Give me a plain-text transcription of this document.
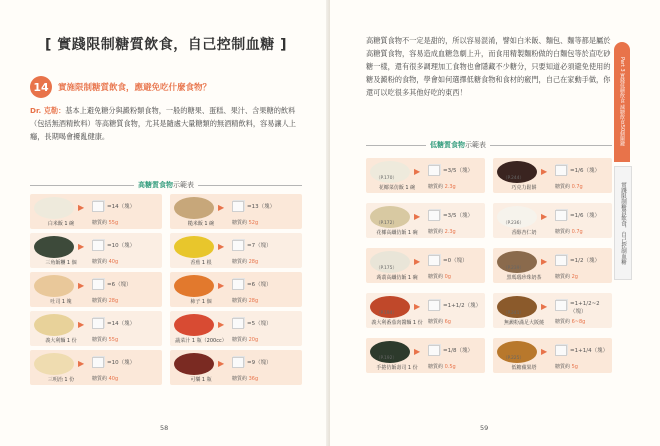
[ 實踐限制糖質飲食，自己控制血糖 ]
14	實施限制糖質飲食，應避免吃什麼食物？
Dr. 克勒：基本上避免糖分與澱粉類食物，一般的糖果、蛋糕、果汁、含果糖的飲料（包括無酒精飲料）等高糖質食物，尤其是隨處大量糖類的無酒精飲料，容易讓人上癮，長期喝會擾亂健康。
高糖質食物示範表
▶	=14（塊）
白米飯 1 碗	糖質約 55g
▶	=13（塊）
糙米飯 1 碗	糖質約 52g
▶	=10（塊）
三角飯糰 1 個	糖質約 40g
▶	=7（塊）
香蕉 1 根	糖質約 28g
▶	=6（塊）
吐司 1 塊	糖質約 28g
▶	=6（塊）
柿子 1 個	糖質約 28g
▶	=14（塊）
義大利麵 1 份	糖質約 55g
▶	=5（塊）
蔬菜汁 1 瓶（200cc）	糖質約 20g
▶	=10（塊）
三明治 1 份	糖質約 40g
▶	=9（塊）
可樂 1 瓶	糖質約 36g
58
高糖質食物不一定是甜的，所以容易混淆，譬如白米飯、麵包、麵等都是屬於高糖質食物，容易造成血糖急劇上升，而食用精製麵粉做的白麵包等於直吃砂糖一樣，還有很多調理加工食物也會隱藏不少糖分，只要知道必須避免使用的糖及澱粉的食物，學會如何選擇低糖食物和食材的竅門，自己在家動手做，你還可以吃很多其他好吃的東西！
低糖質食物示範表
▶	=3/5（塊）
（P.170）
花椰菜仿飯 1 碗	糖質約 2.3g
▶	=1/6（塊）
（P.244）
巧克力鬆餅	糖質約 0.7g
▶	=3/5（塊）
（P.172）
花椰高纖仿飯 1 碗	糖質約 2.3g
▶	=1/6（塊）
（P.236）
香醇杏仁奶	糖質約 0.7g
▶	=0（塊）
（P.175）
蒟蒻高纖仿飯 1 碗	糖質約 0g
▶	=1/2（塊）
（P.239）
黑瑪瑙珍珠奶茶	糖質約 2g
▶	=1+1/2（塊）
（P.194）
義大利番茄肉醬麵 1 份	糖質約 6g
▶	=1+1/2~2（塊）
（P.241）
無澱粉滿足大阪燒	糖質約 6~8g
▶	=1/8（塊）
（P.192）
手捲仿飯壽司 1 份	糖質約 0.5g
▶	=1+1/4（塊）
（P.225）
低糖蘋果塔	糖質約 5g
59
Part 3 實踐低糖飲食 減糖飲食50個關鍵
實踐限制糖質飲食，自己控制血糖
